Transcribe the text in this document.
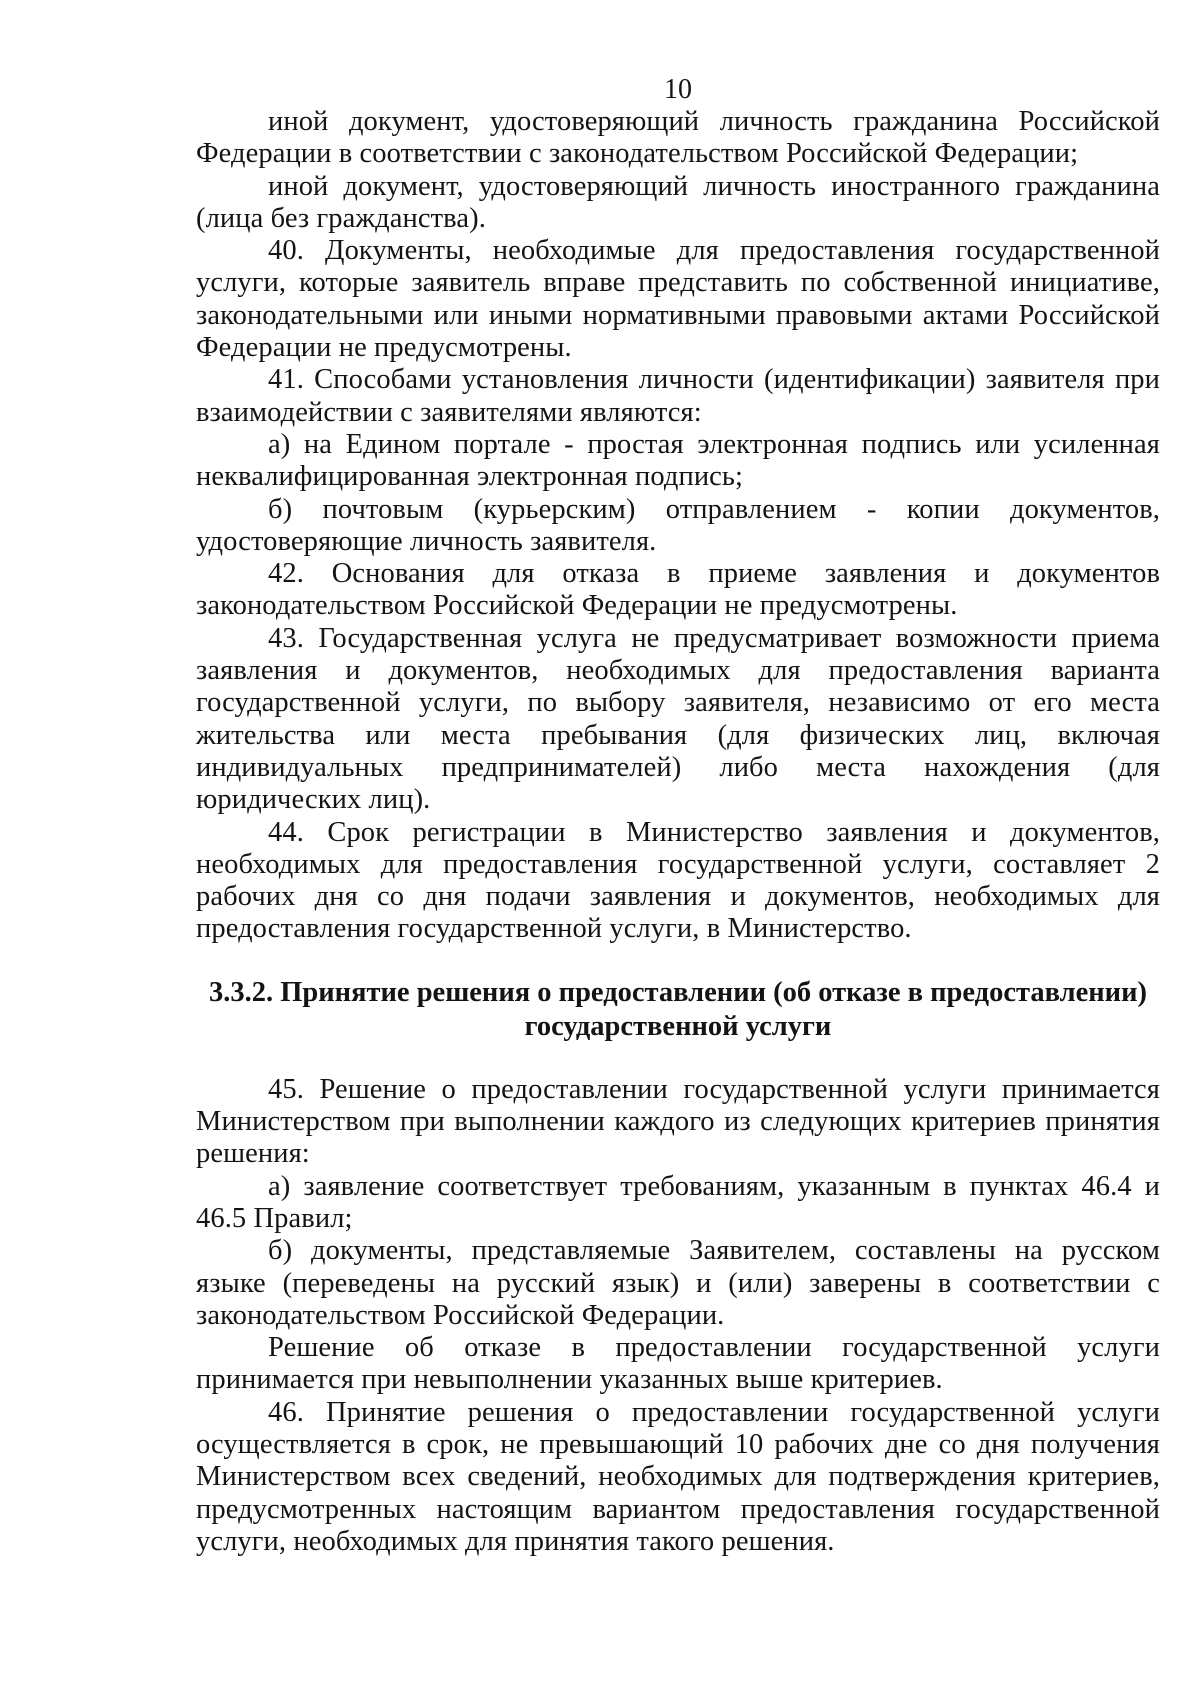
10

иной документ, удостоверяющий личность гражданина Российской Федерации в соответствии с законодательством Российской Федерации;

иной документ, удостоверяющий личность иностранного гражданина (лица без гражданства).

40. Документы, необходимые для предоставления государственной услуги, которые заявитель вправе представить по собственной инициативе, законодательными или иными нормативными правовыми актами Российской Федерации не предусмотрены.

41. Способами установления личности (идентификации) заявителя при взаимодействии с заявителями являются:

а) на Едином портале - простая электронная подпись или усиленная неквалифицированная электронная подпись;

б) почтовым (курьерским) отправлением - копии документов, удостоверяющие личность заявителя.

42. Основания для отказа в приеме заявления и документов законодательством Российской Федерации не предусмотрены.

43. Государственная услуга не предусматривает возможности приема заявления и документов, необходимых для предоставления варианта государственной услуги, по выбору заявителя, независимо от его места жительства или места пребывания (для физических лиц, включая индивидуальных предпринимателей) либо места нахождения (для юридических лиц).

44. Срок регистрации в Министерство заявления и документов, необходимых для предоставления государственной услуги, составляет 2 рабочих дня со дня подачи заявления и документов, необходимых для предоставления государственной услуги, в Министерство.

3.3.2. Принятие решения о предоставлении (об отказе в предоставлении)
государственной услуги

45. Решение о предоставлении государственной услуги принимается Министерством при выполнении каждого из следующих критериев принятия решения:

а) заявление соответствует требованиям, указанным в пунктах 46.4 и 46.5 Правил;

б) документы, представляемые Заявителем, составлены на русском языке (переведены на русский язык) и (или) заверены в соответствии с законодательством Российской Федерации.

Решение об отказе в предоставлении государственной услуги принимается при невыполнении указанных выше критериев.

46. Принятие решения о предоставлении государственной услуги осуществляется в срок, не превышающий 10 рабочих дне со дня получения Министерством всех сведений, необходимых для подтверждения критериев, предусмотренных настоящим вариантом предоставления государственной услуги, необходимых для принятия такого решения.
